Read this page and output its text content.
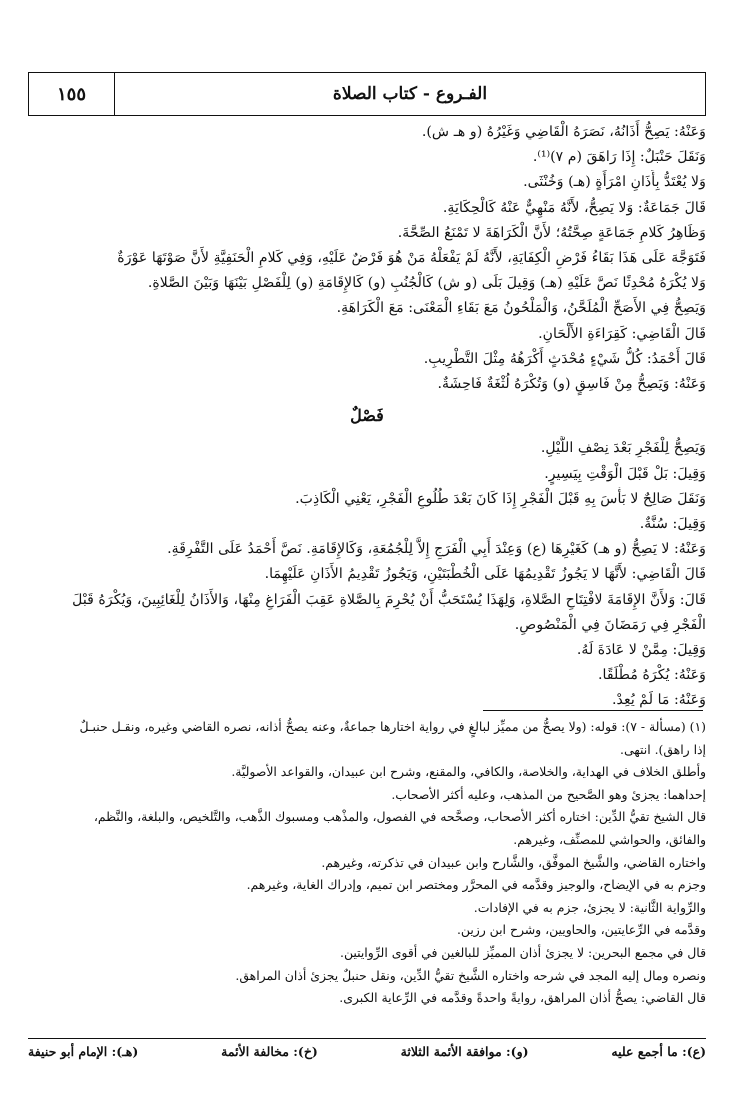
الفـروع - كتاب الصلاة
١٥٥

وَعَنْهُ: يَصِحُّ أَذَانُهُ، نَصَرَهُ الْقَاضِي وَغَيْرُهُ (و هـ ش).

وَنَقَلَ حَنْبَلٌ: إِذَا رَاهَقَ (م ٧)⁽¹⁾.

وَلا يُعْتَدُّ بِأَذَانِ امْرَأَةٍ (هـ) وَخُنْثَى.

قَالَ جَمَاعَةٌ: وَلا يَصِحُّ، لأَنَّهُ مَنْهِيٌّ عَنْهُ كَالْحِكَايَةِ.

وَظَاهِرُ كَلامِ جَمَاعَةٍ صِحَّتُهُ؛ لأَنَّ الْكَرَاهَةَ لا تَمْنَعُ الصِّحَّةَ.

فَتَوَجَّهَ عَلَى هَذَا بَقَاءُ فَرْضِ الْكِفَايَةِ، لأَنَّهُ لَمْ يَفْعَلْهُ مَنْ هُوَ فَرْضٌ عَلَيْهِ، وَفِي كَلامِ الْحَنَفِيَّةِ لأَنَّ صَوْتَهَا عَوْرَةٌ

وَلا يُكْرَهُ مُحْدِثًا نَصَّ عَلَيْهِ (هـ) وَقِيلَ بَلَى (و ش) كَالْجُنُبِ (و) كَالإِقَامَةِ (و) لِلْفَصْلِ بَيْنَهَا وَبَيْنَ الصَّلاةِ.

وَيَصِحُّ فِي الأَصَحِّ الْمُلَحَّنُ، وَالْمَلْحُونُ مَعَ بَقَاءِ الْمَعْنَى: مَعَ الْكَرَاهَةِ.

قَالَ الْقَاضِي: كَقِرَاءَةِ الأَلْحَانِ.

قَالَ أَحْمَدُ: كُلُّ شَيْءٍ مُحْدَثٍ أَكْرَهُهُ مِثْلَ التَّطْرِيبِ.

وَعَنْهُ: وَيَصِحُّ مِنْ فَاسِقٍ (و) وَتُكْرَهُ لُثْغَةٌ فَاحِشَةٌ.

فَصْلٌ

وَيَصِحُّ لِلْفَجْرِ بَعْدَ نِصْفِ اللَّيْلِ.

وَقِيلَ: بَلْ قَبْلَ الْوَقْتِ بِيَسِيرٍ.

وَنَقَلَ صَالِحٌ لا بَأْسَ بِهِ قَبْلَ الْفَجْرِ إِذَا كَانَ بَعْدَ طُلُوعِ الْفَجْرِ، يَعْنِي الْكَاذِبَ.

وَقِيلَ: سُنَّةٌ.

وَعَنْهُ: لا يَصِحُّ (و هـ) كَغَيْرِهَا (ع) وَعِنْدَ أَبِي الْفَرَجِ إِلاَّ لِلْجُمُعَةِ، وَكَالإِقَامَةِ. نَصَّ أَحْمَدُ عَلَى التَّفْرِقَةِ.

قَالَ الْقَاضِي: لأَنَّهَا لا يَجُوزُ تَقْدِيمُهَا عَلَى الْخُطْبَتَيْنِ، وَيَجُوزُ تَقْدِيمُ الأَذَانِ عَلَيْهِمَا.

قَالَ: وَلأَنَّ الإِقَامَةَ لافْتِتَاحِ الصَّلاةِ، وَلِهَذَا يُسْتَحَبُّ أَنْ يُحْرِمَ بِالصَّلاةِ عَقِبَ الْفَرَاغِ مِنْهَا، وَالأَذَانُ لِلْغَائِبِينَ، وَيُكْرَهُ قَبْلَ

الْفَجْرِ فِي رَمَضَانَ فِي الْمَنْصُوصِ.

وَقِيلَ: مِمَّنْ لا عَادَةَ لَهُ.

وَعَنْهُ: يُكْرَهُ مُطْلَقًا.

وَعَنْهُ: مَا لَمْ يُعِدْ.

(١) (مسألة - ٧): قوله: (ولا يصحُّ من مميِّز لبالغٍ في رواية اختارها جماعةٌ، وعنه يصحُّ أذانه، نصره القاضي وغيره، ونقـل حنبـلٌ

إذا راهق). انتهى.

وأطلق الخلاف في الهداية، والخلاصة، والكافي، والمقنع، وشرح ابن عبيدان، والقواعد الأصوليَّة.

إحداهما: يجزئ وهو الصَّحيح من المذهب، وعليه أكثر الأصحاب.

قال الشيخ تقيُّ الدِّين: اختاره أكثر الأصحاب، وصحَّحه في الفصول، والمذْهب ومسبوك الذَّهب، والتَّلخيص، والبلغة، والنَّظم،

والفائق، والحواشي للمصنِّف، وغيرهم.

واختاره القاضي، والشَّيخ الموفَّق، والشَّارح وابن عبيدان في تذكرته، وغيرهم.

وجزم به في الإيضاح، والوجيز وقدَّمه في المحرَّر ومختصر ابن تميم، وإدراك الغاية، وغيرهم.

والرِّواية الثَّانية: لا يجزئ، جزم به في الإفادات.

وقدَّمه في الرِّعايتين، والحاويين، وشرح ابن رزين.

قال في مجمع البحرين: لا يجزئ أذان المميِّز للبالغين في أقوى الرِّوايتين.

ونصره ومال إليه المجد في شرحه واختاره الشَّيخ تقيُّ الدِّين، ونقل حنبلٌ يجزئ أذان المراهق.

قال القاضي: يصحُّ أذان المراهق، روايةً واحدةً وقدَّمه في الرِّعاية الكبرى.

(ع): ما أجمع عليه
(و): موافقة الأئمة الثلاثة
(خ): مخالفة الأئمة
(هـ): الإمام أبو حنيفة
